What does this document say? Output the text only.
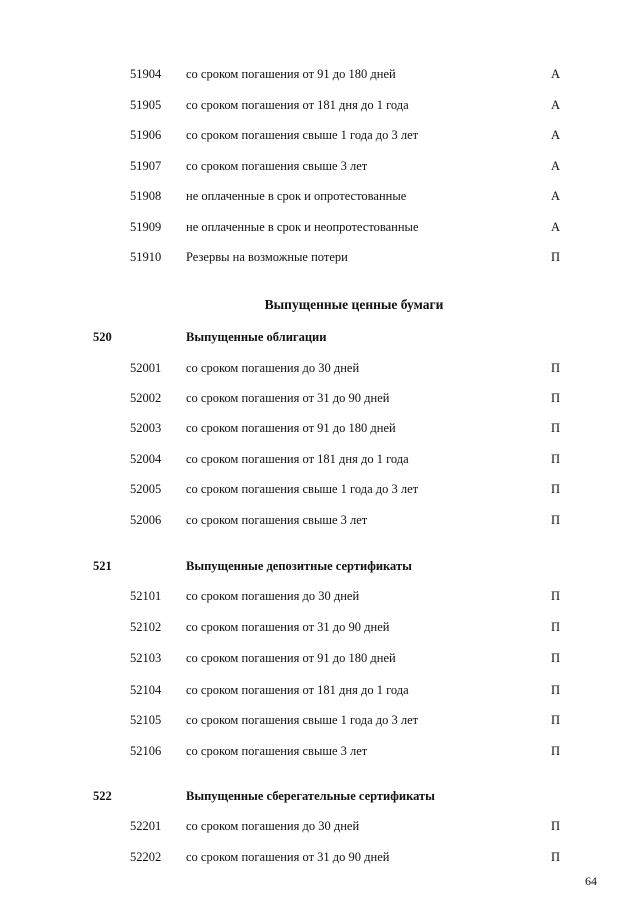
51904 со сроком погашения от 91 до 180 дней	А
51905 со сроком погашения от 181 дня до 1 года	А
51906 со сроком погашения свыше 1 года до 3 лет	А
51907 со сроком погашения свыше 3 лет	А
51908 не оплаченные в срок и опротестованные	А
51909 не оплаченные в срок и неопротестованные	А
51910 Резервы на возможные потери	П
Выпущенные ценные бумаги
520	Выпущенные облигации
52001 со сроком погашения до 30 дней	П
52002 со сроком погашения от 31 до 90 дней	П
52003 со сроком погашения от 91 до 180 дней	П
52004 со сроком погашения от 181 дня до 1 года	П
52005 со сроком погашения свыше 1 года до 3 лет	П
52006 со сроком погашения свыше 3 лет	П
521	Выпущенные депозитные сертификаты
52101 со сроком погашения до 30 дней	П
52102 со сроком погашения от 31 до 90 дней	П
52103 со сроком погашения от 91 до 180 дней	П
52104 со сроком погашения от 181 дня до 1 года	П
52105 со сроком погашения свыше 1 года до 3 лет	П
52106 со сроком погашения свыше 3 лет	П
522	Выпущенные сберегательные сертификаты
52201 со сроком погашения до 30 дней	П
52202 со сроком погашения от 31 до 90 дней	П
64
